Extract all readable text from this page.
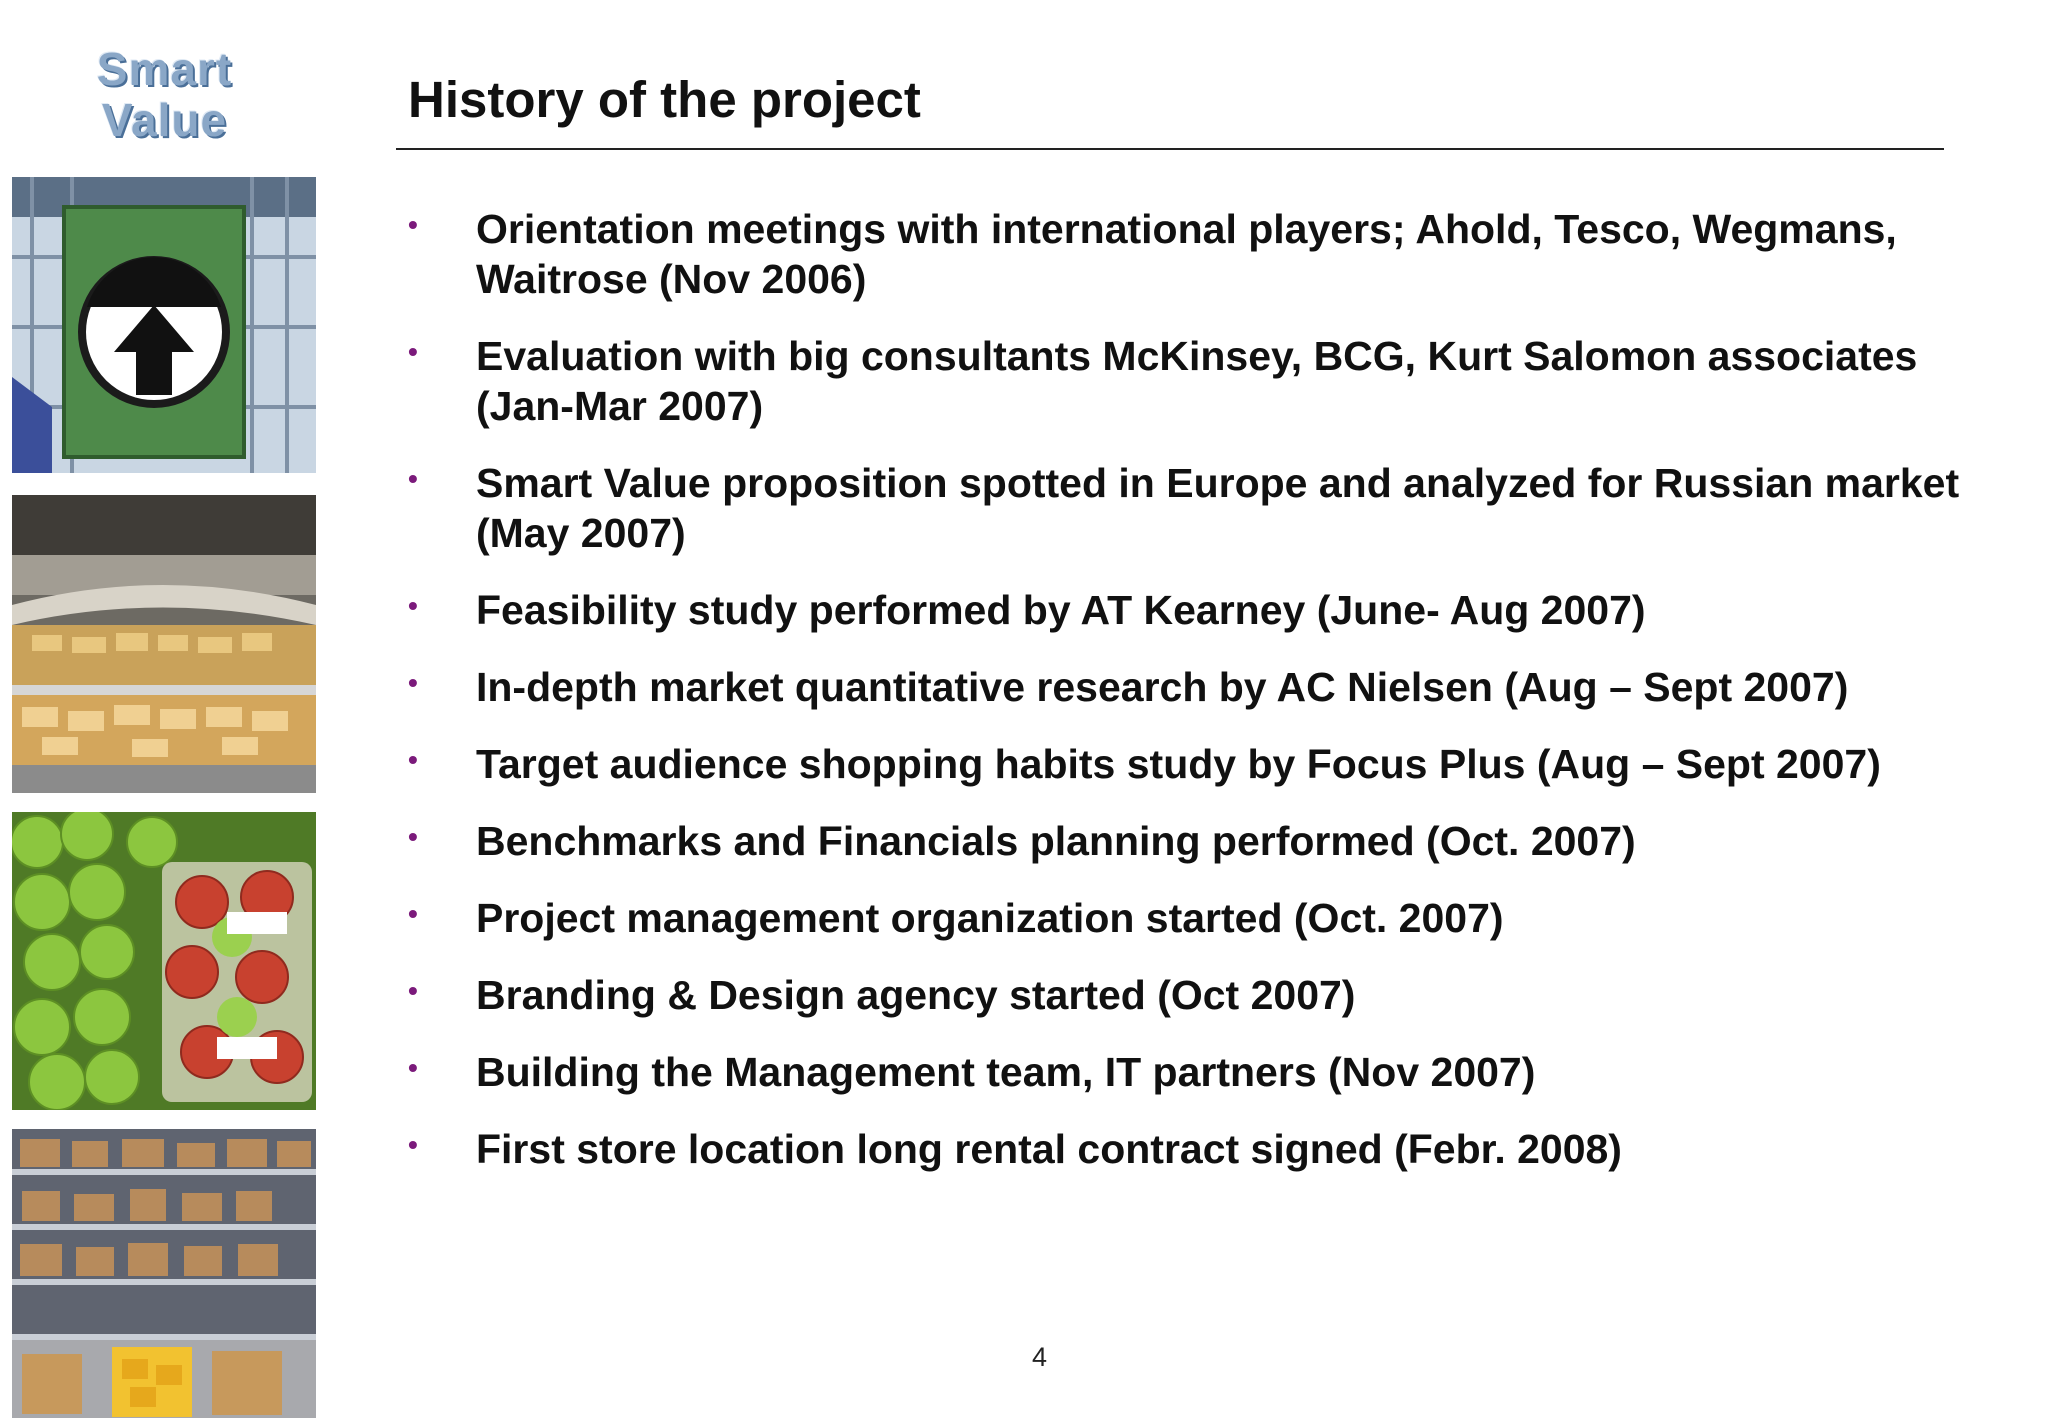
Smart
Value	History of the project
• Orientation meetings with international players; Ahold, Tesco, Wegmans, Waitrose (Nov 2006)
• Evaluation with big consultants McKinsey, BCG, Kurt Salomon associates (Jan-Mar 2007)
• Smart Value proposition spotted in Europe and analyzed for Russian market  (May 2007)
• Feasibility study performed by AT Kearney (June- Aug 2007)
• In-depth market quantitative research by AC Nielsen (Aug – Sept 2007)
• Target audience shopping habits study by Focus Plus (Aug – Sept 2007)
• Benchmarks and Financials planning performed (Oct. 2007)
• Project management organization started (Oct. 2007)
• Branding & Design agency started (Oct 2007)
• Building the Management team, IT partners (Nov 2007)
• First store location long rental contract signed (Febr. 2008)
4
